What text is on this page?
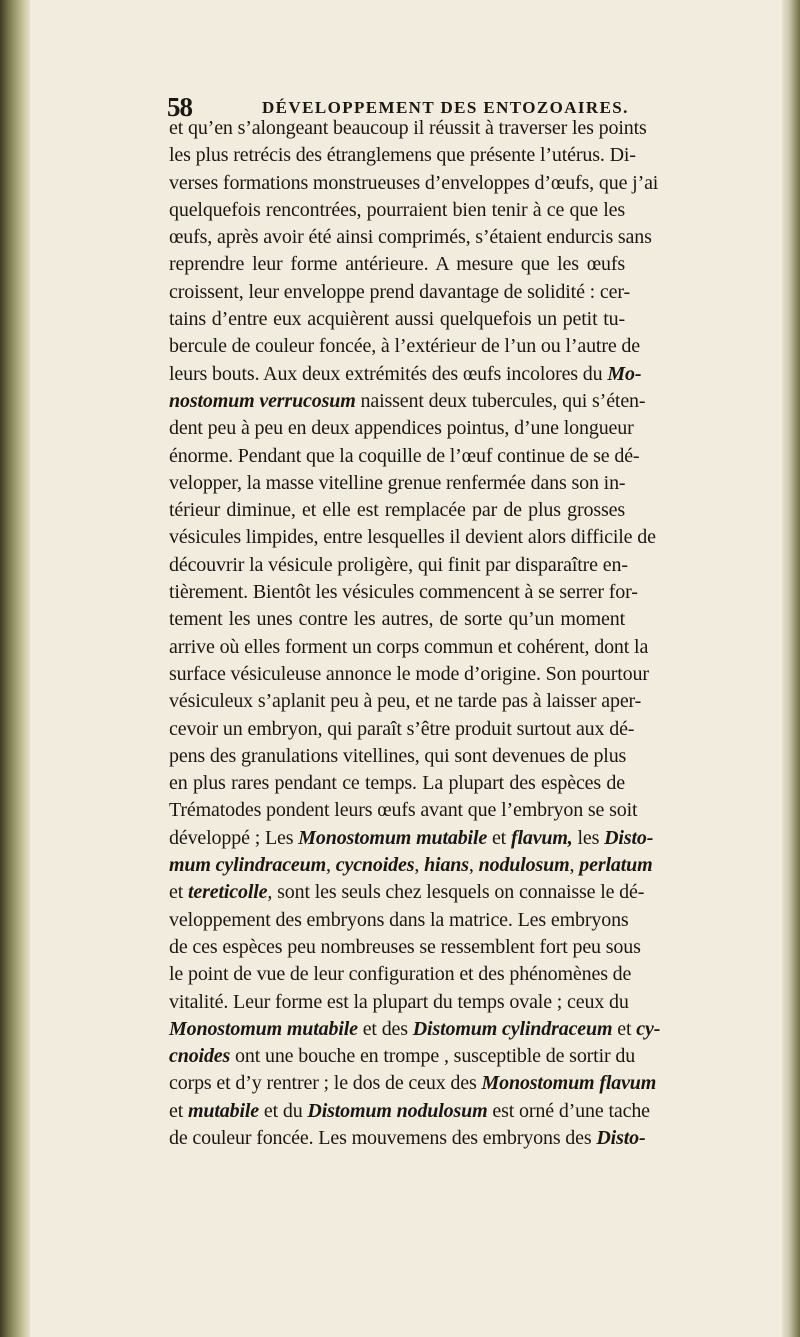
58	DÉVELOPPEMENT DES ENTOZOAIRES.
et qu’en s’alongeant beaucoup il réussit à traverser les points
les plus retrécis des étranglemens que présente l’utérus. Di-
verses formations monstrueuses d’enveloppes d’œufs, que j’ai
quelquefois rencontrées, pourraient bien tenir à ce que les
œufs, après avoir été ainsi comprimés, s’étaient endurcis sans
reprendre leur forme antérieure. A mesure que les œufs
croissent, leur enveloppe prend davantage de solidité : cer-
tains d’entre eux acquièrent aussi quelquefois un petit tu-
bercule de couleur foncée, à l’extérieur de l’un ou l’autre de
leurs bouts. Aux deux extrémités des œufs incolores du Mo-
nostomum verrucosum naissent deux tubercules, qui s’éten-
dent peu à peu en deux appendices pointus, d’une longueur
énorme. Pendant que la coquille de l’œuf continue de se dé-
velopper, la masse vitelline grenue renfermée dans son in-
térieur diminue, et elle est remplacée par de plus grosses
vésicules limpides, entre lesquelles il devient alors difficile de
découvrir la vésicule proligère, qui finit par disparaître en-
tièrement. Bientôt les vésicules commencent à se serrer for-
tement les unes contre les autres, de sorte qu’un moment
arrive où elles forment un corps commun et cohérent, dont la
surface vésiculeuse annonce le mode d’origine. Son pourtour
vésiculeux s’aplanit peu à peu, et ne tarde pas à laisser aper-
cevoir un embryon, qui paraît s’être produit surtout aux dé-
pens des granulations vitellines, qui sont devenues de plus
en plus rares pendant ce temps. La plupart des espèces de
Trématodes pondent leurs œufs avant que l’embryon se soit
développé ; Les Monostomum mutabile et flavum, les Disto-
mum cylindraceum, cycnoides, hians, nodulosum, perlatum
et tereticolle, sont les seuls chez lesquels on connaisse le dé-
veloppement des embryons dans la matrice. Les embryons
de ces espèces peu nombreuses se ressemblent fort peu sous
le point de vue de leur configuration et des phénomènes de
vitalité. Leur forme est la plupart du temps ovale ; ceux du
Monostomum mutabile et des Distomum cylindraceum et cy-
cnoides ont une bouche en trompe , susceptible de sortir du
corps et d’y rentrer ; le dos de ceux des Monostomum flavum
et mutabile et du Distomum nodulosum est orné d’une tache
de couleur foncée. Les mouvemens des embryons des Disto-
